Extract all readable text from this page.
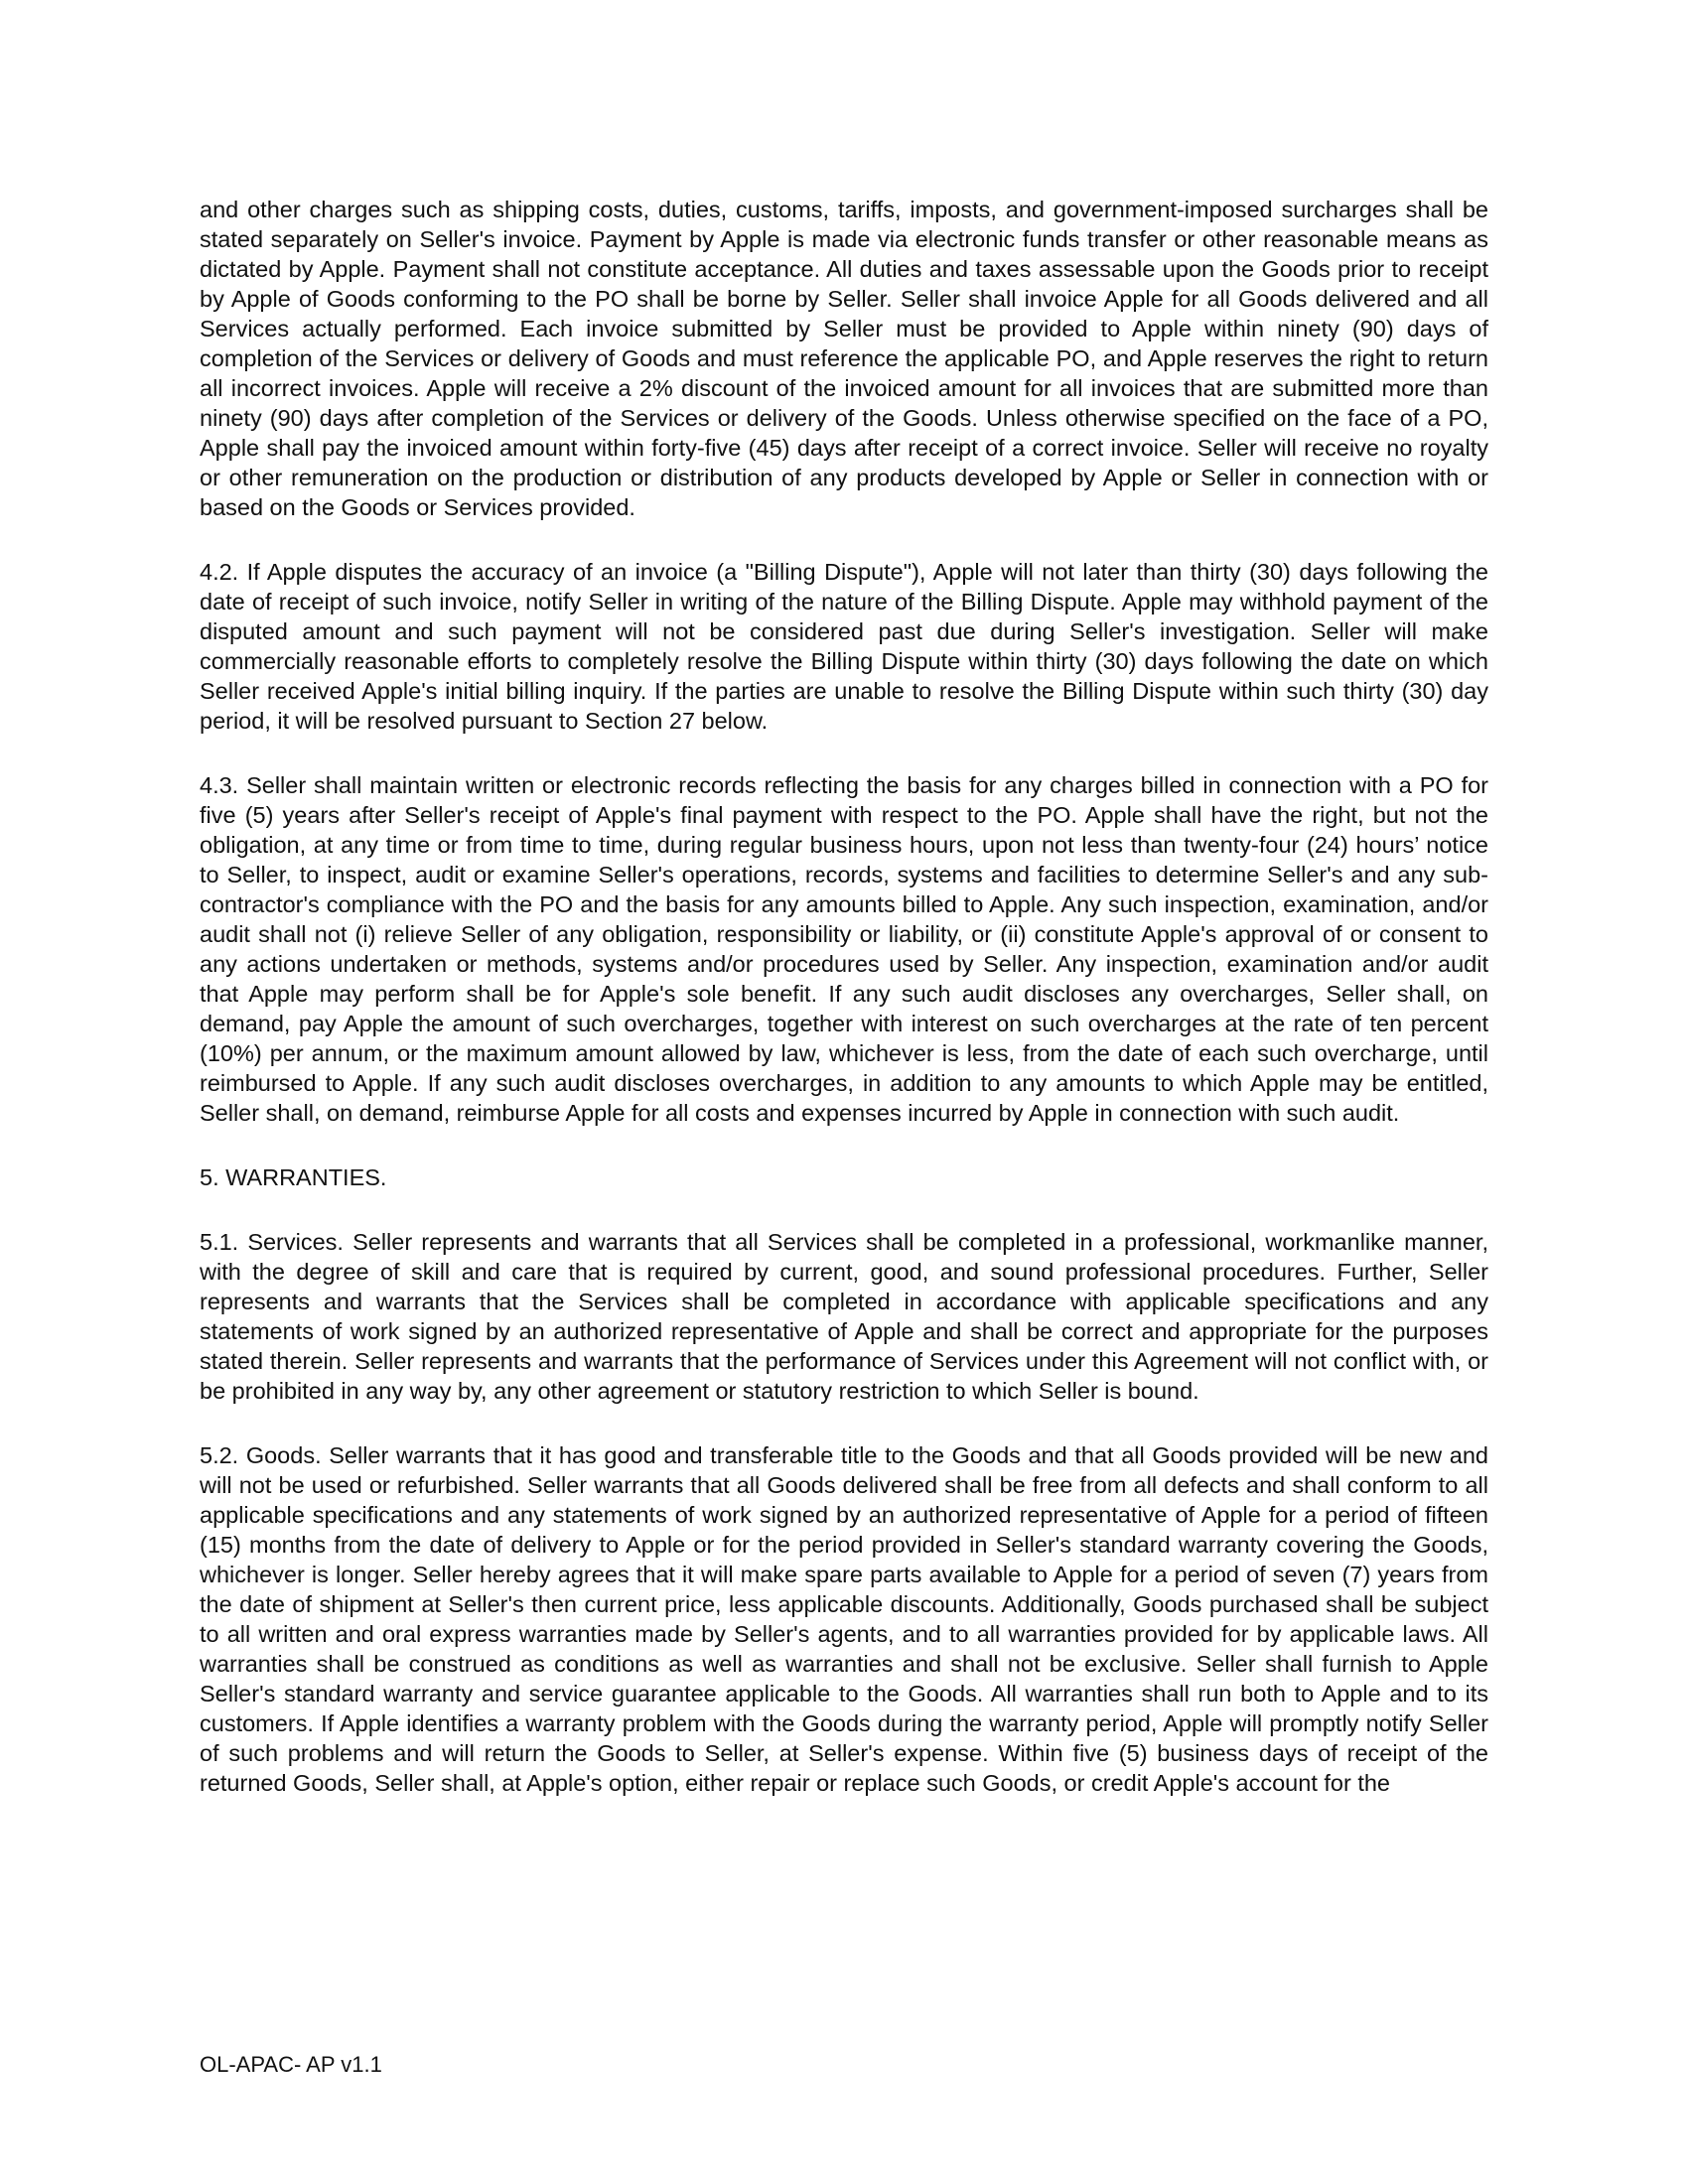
and other charges such as shipping costs, duties, customs, tariffs, imposts, and government-imposed surcharges shall be stated separately on Seller's invoice. Payment by Apple is made via electronic funds transfer or other reasonable means as dictated by Apple. Payment shall not constitute acceptance. All duties and taxes assessable upon the Goods prior to receipt by Apple of Goods conforming to the PO shall be borne by Seller. Seller shall invoice Apple for all Goods delivered and all Services actually performed. Each invoice submitted by Seller must be provided to Apple within ninety (90) days of completion of the Services or delivery of Goods and must reference the applicable PO, and Apple reserves the right to return all incorrect invoices. Apple will receive a 2% discount of the invoiced amount for all invoices that are submitted more than ninety (90) days after completion of the Services or delivery of the Goods. Unless otherwise specified on the face of a PO, Apple shall pay the invoiced amount within forty-five (45) days after receipt of a correct invoice. Seller will receive no royalty or other remuneration on the production or distribution of any products developed by Apple or Seller in connection with or based on the Goods or Services provided.

4.2. If Apple disputes the accuracy of an invoice (a "Billing Dispute"), Apple will not later than thirty (30) days following the date of receipt of such invoice, notify Seller in writing of the nature of the Billing Dispute. Apple may withhold payment of the disputed amount and such payment will not be considered past due during Seller's investigation. Seller will make commercially reasonable efforts to completely resolve the Billing Dispute within thirty (30) days following the date on which Seller received Apple's initial billing inquiry. If the parties are unable to resolve the Billing Dispute within such thirty (30) day period, it will be resolved pursuant to Section 27 below.

4.3. Seller shall maintain written or electronic records reflecting the basis for any charges billed in connection with a PO for five (5) years after Seller's receipt of Apple's final payment with respect to the PO. Apple shall have the right, but not the obligation, at any time or from time to time, during regular business hours, upon not less than twenty-four (24) hours’ notice to Seller, to inspect, audit or examine Seller's operations, records, systems and facilities to determine Seller's and any sub-contractor's compliance with the PO and the basis for any amounts billed to Apple. Any such inspection, examination, and/or audit shall not (i) relieve Seller of any obligation, responsibility or liability, or (ii) constitute Apple's approval of or consent to any actions undertaken or methods, systems and/or procedures used by Seller. Any inspection, examination and/or audit that Apple may perform shall be for Apple's sole benefit. If any such audit discloses any overcharges, Seller shall, on demand, pay Apple the amount of such overcharges, together with interest on such overcharges at the rate of ten percent (10%) per annum, or the maximum amount allowed by law, whichever is less, from the date of each such overcharge, until reimbursed to Apple. If any such audit discloses overcharges, in addition to any amounts to which Apple may be entitled, Seller shall, on demand, reimburse Apple for all costs and expenses incurred by Apple in connection with such audit.

5. WARRANTIES.

5.1. Services. Seller represents and warrants that all Services shall be completed in a professional, workmanlike manner, with the degree of skill and care that is required by current, good, and sound professional procedures. Further, Seller represents and warrants that the Services shall be completed in accordance with applicable specifications and any statements of work signed by an authorized representative of Apple and shall be correct and appropriate for the purposes stated therein. Seller represents and warrants that the performance of Services under this Agreement will not conflict with, or be prohibited in any way by, any other agreement or statutory restriction to which Seller is bound.

5.2. Goods. Seller warrants that it has good and transferable title to the Goods and that all Goods provided will be new and will not be used or refurbished. Seller warrants that all Goods delivered shall be free from all defects and shall conform to all applicable specifications and any statements of work signed by an authorized representative of Apple for a period of fifteen (15) months from the date of delivery to Apple or for the period provided in Seller's standard warranty covering the Goods, whichever is longer. Seller hereby agrees that it will make spare parts available to Apple for a period of seven (7) years from the date of shipment at Seller's then current price, less applicable discounts. Additionally, Goods purchased shall be subject to all written and oral express warranties made by Seller's agents, and to all warranties provided for by applicable laws. All warranties shall be construed as conditions as well as warranties and shall not be exclusive. Seller shall furnish to Apple Seller's standard warranty and service guarantee applicable to the Goods. All warranties shall run both to Apple and to its customers. If Apple identifies a warranty problem with the Goods during the warranty period, Apple will promptly notify Seller of such problems and will return the Goods to Seller, at Seller's expense. Within five (5) business days of receipt of the returned Goods, Seller shall, at Apple's option, either repair or replace such Goods, or credit Apple's account for the

OL-APAC- AP v1.1
